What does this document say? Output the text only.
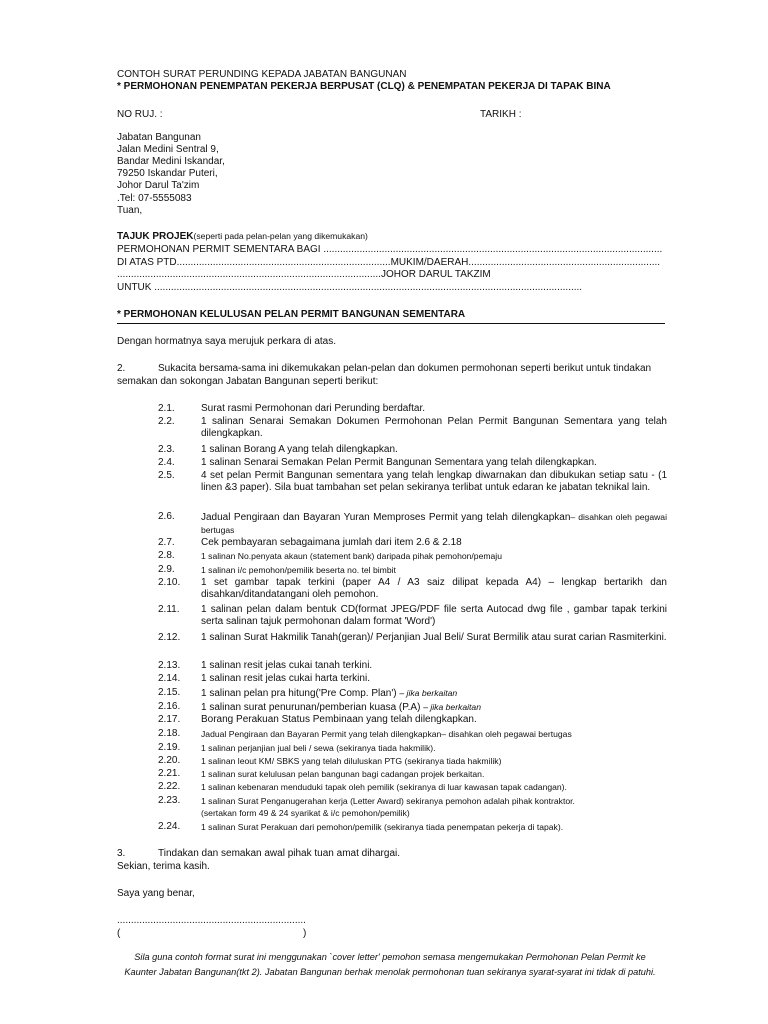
CONTOH SURAT PERUNDING KEPADA JABATAN BANGUNAN
* PERMOHONAN PENEMPATAN PEKERJA BERPUSAT (CLQ) & PENEMPATAN PEKERJA DI TAPAK BINA
NO RUJ. :	TARIKH :
Jabatan Bangunan
Jalan Medini Sentral 9,
Bandar Medini Iskandar,
79250 Iskandar Puteri,
Johor Darul Ta'zim
.Tel: 07-5555083
Tuan,
TAJUK PROJEK(seperti pada pelan-pelan yang dikemukakan)
PERMOHONAN PERMIT SEMENTARA BAGI ..........................................................................................................................
DI ATAS PTD.............................................................................MUKIM/DAERAH.....................................................................
...............................................................................................JOHOR DARUL TAKZIM
UNTUK ..........................................................................................................................................................
* PERMOHONAN KELULUSAN PELAN PERMIT BANGUNAN SEMENTARA
Dengan hormatnya saya merujuk perkara di atas.
2.	Sukacita bersama-sama ini dikemukakan pelan-pelan dan dokumen permohonan seperti berikut untuk tindakan
semakan dan sokongan Jabatan Bangunan seperti berikut:
2.1.	Surat rasmi Permohonan dari Perunding berdaftar.
2.2.	1 salinan Senarai Semakan Dokumen Permohonan Pelan Permit Bangunan Sementara yang telah dilengkapkan.
2.3.	1 salinan Borang A yang telah dilengkapkan.
2.4.	1 salinan Senarai Semakan Pelan Permit Bangunan Sementara yang telah dilengkapkan.
2.5.	4 set pelan Permit Bangunan sementara yang telah lengkap diwarnakan dan dibukukan setiap satu - (1 linen &3 paper). Sila buat tambahan set pelan sekiranya terlibat untuk edaran ke jabatan teknikal lain.
2.6.	Jadual Pengiraan dan Bayaran Yuran Memproses Permit yang telah dilengkapkan– disahkan oleh pegawai bertugas
2.7.	Cek pembayaran sebagaimana jumlah dari item 2.6 & 2.18
2.8.	1 salinan No.penyata akaun (statement bank) daripada pihak pemohon/pemaju
2.9.	1 salinan i/c pemohon/pemilik beserta no. tel bimbit
2.10.	1 set gambar tapak terkini (paper A4 / A3 saiz dilipat kepada A4) – lengkap bertarikh dan disahkan/ditandatangani oleh pemohon.
2.11.	1 salinan pelan dalam bentuk CD(format JPEG/PDF file serta Autocad dwg file , gambar tapak terkini serta salinan tajuk permohonan dalam format 'Word')
2.12.	1 salinan Surat Hakmilik Tanah(geran)/ Perjanjian Jual Beli/ Surat Bermilik atau surat carian Rasmiterkini.
2.13.	1 salinan resit jelas cukai tanah terkini.
2.14.	1 salinan resit jelas cukai harta terkini.
2.15.	1 salinan pelan pra hitung('Pre Comp. Plan') – jika berkaitan
2.16.	1 salinan surat penurunan/pemberian kuasa (P.A) – jika berkaitan
2.17.	Borang Perakuan Status Pembinaan yang telah dilengkapkan.
2.18.	Jadual Pengiraan dan Bayaran Permit yang telah dilengkapkan– disahkan oleh pegawai bertugas
2.19.	1 salinan perjanjian jual beli / sewa (sekiranya tiada hakmilik).
2.20.	1 salinan leout KM/ SBKS yang telah diluluskan PTG (sekiranya tiada hakmilik)
2.21.	1 salinan surat kelulusan pelan bangunan bagi cadangan projek berkaitan.
2.22.	1 salinan kebenaran menduduki tapak oleh pemilik (sekiranya di luar kawasan tapak cadangan).
2.23.	1 salinan Surat Penganugerahan kerja (Letter Award) sekiranya pemohon adalah pihak kontraktor.
(sertakan form 49 & 24 syarikat & i/c pemohon/pemilik)
2.24.	1 salinan Surat Perakuan dari pemohon/pemilik (sekiranya tiada penempatan pekerja di tapak).
3.	Tindakan dan semakan awal pihak tuan amat dihargai.
Sekian, terima kasih.
Saya yang benar,
....................................................................
(	)
Sila guna contoh format surat ini menggunakan `cover letter' pemohon semasa mengemukakan Permohonan Pelan Permit ke
Kaunter Jabatan Bangunan(tkt 2). Jabatan Bangunan berhak menolak permohonan tuan sekiranya syarat-syarat ini tidak di patuhi.
